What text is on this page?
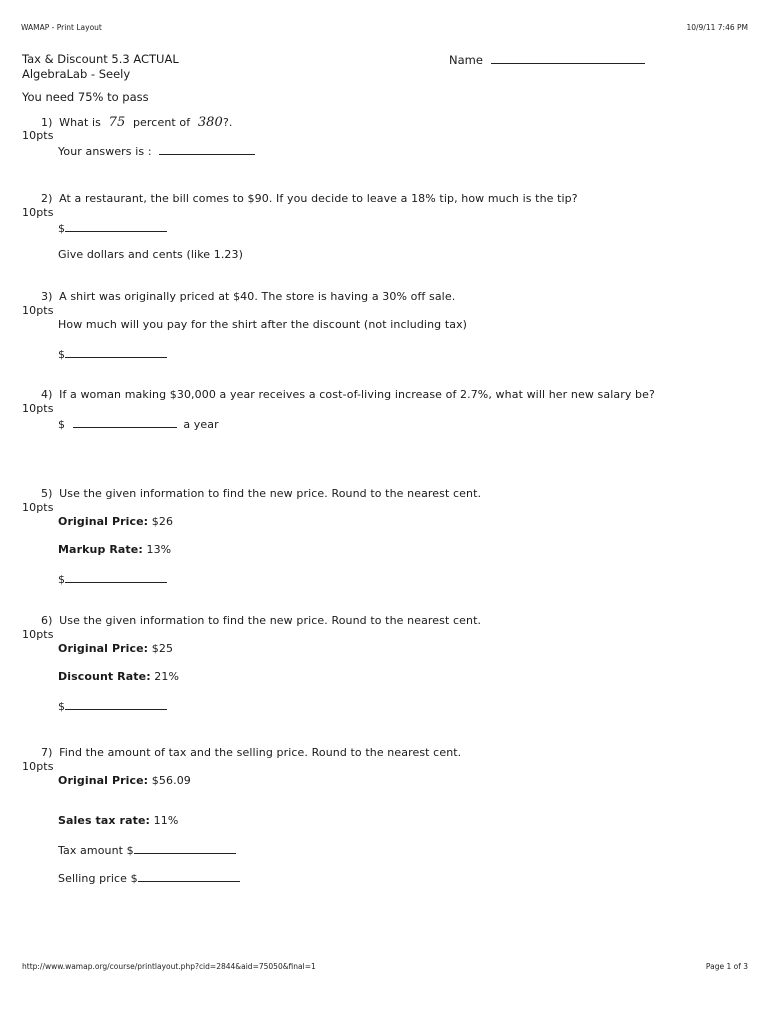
WAMAP - Print Layout	10/9/11 7:46 PM
Tax & Discount 5.3 ACTUAL
AlgebraLab - Seely
Name
You need 75% to pass
1) What is 75 percent of 380?.
10pts
Your answers is :
2) At a restaurant, the bill comes to $90. If you decide to leave a 18% tip, how much is the tip?
10pts
$
Give dollars and cents (like 1.23)
3) A shirt was originally priced at $40. The store is having a 30% off sale.
10pts
How much will you pay for the shirt after the discount (not including tax)
$
4) If a woman making $30,000 a year receives a cost-of-living increase of 2.7%, what will her new salary be?
10pts
$	a year
5) Use the given information to find the new price. Round to the nearest cent.
10pts
Original Price: $26
Markup Rate: 13%
$
6) Use the given information to find the new price. Round to the nearest cent.
10pts
Original Price: $25
Discount Rate: 21%
$
7) Find the amount of tax and the selling price. Round to the nearest cent.
10pts
Original Price: $56.09
Sales tax rate: 11%
Tax amount $
Selling price $
http://www.wamap.org/course/printlayout.php?cid=2844&aid=75050&final=1	Page 1 of 3
